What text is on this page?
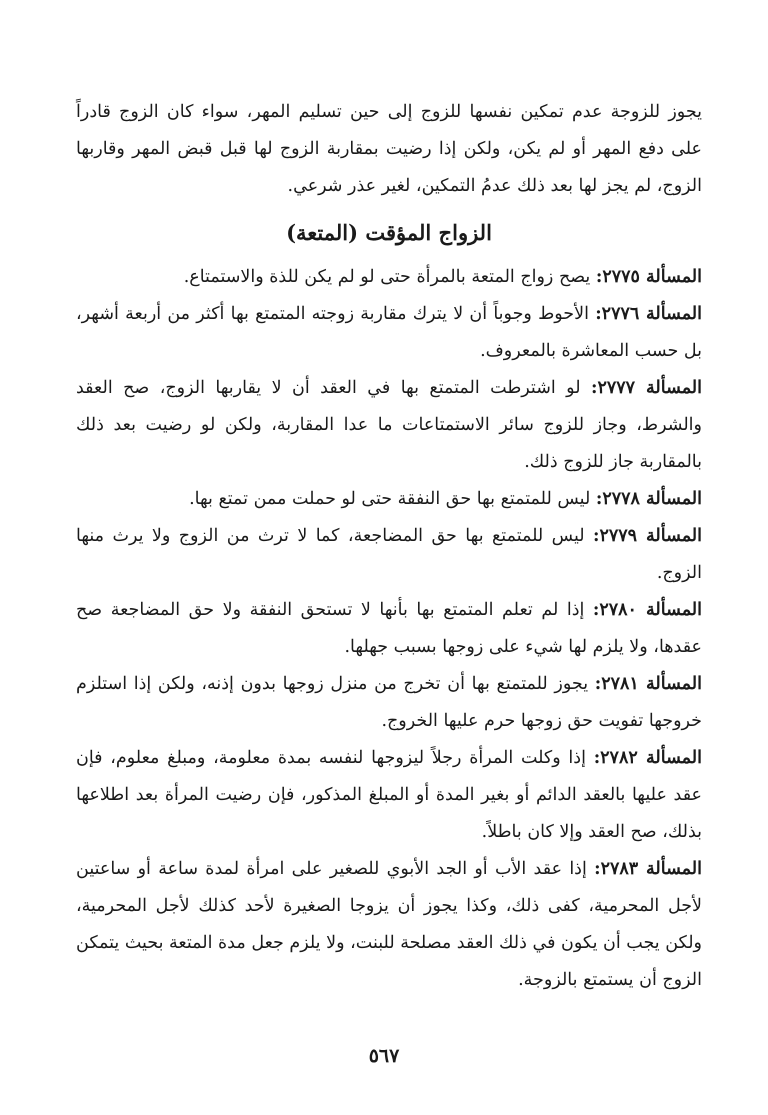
يجوز للزوجة عدم تمكين نفسها للزوج إلى حين تسليم المهر، سواء كان الزوج قادراً على دفع المهر أو لم يكن، ولكن إذا رضيت بمقاربة الزوج لها قبل قبض المهر وقاربها الزوج، لم يجز لها بعد ذلك عدمُ التمكين، لغير عذر شرعي.

الزواج المؤقت (المتعة)

المسألة ٢٧٧٥: يصح زواج المتعة بالمرأة حتى لو لم يكن للذة والاستمتاع.

المسألة ٢٧٧٦: الأحوط وجوباً أن لا يترك مقاربة زوجته المتمتع بها أكثر من أربعة أشهر، بل حسب المعاشرة بالمعروف.

المسألة ٢٧٧٧: لو اشترطت المتمتع بها في العقد أن لا يقاربها الزوج، صح العقد والشرط، وجاز للزوج سائر الاستمتاعات ما عدا المقاربة، ولكن لو رضيت بعد ذلك بالمقاربة جاز للزوج ذلك.

المسألة ٢٧٧٨: ليس للمتمتع بها حق النفقة حتى لو حملت ممن تمتع بها.

المسألة ٢٧٧٩: ليس للمتمتع بها حق المضاجعة، كما لا ترث من الزوج ولا يرث منها الزوج.

المسألة ٢٧٨٠: إذا لم تعلم المتمتع بها بأنها لا تستحق النفقة ولا حق المضاجعة صح عقدها، ولا يلزم لها شيء على زوجها بسبب جهلها.

المسألة ٢٧٨١: يجوز للمتمتع بها أن تخرج من منزل زوجها بدون إذنه، ولكن إذا استلزم خروجها تفويت حق زوجها حرم عليها الخروج.

المسألة ٢٧٨٢: إذا وكلت المرأة رجلاً ليزوجها لنفسه بمدة معلومة، ومبلغ معلوم، فإن عقد عليها بالعقد الدائم أو بغير المدة أو المبلغ المذكور، فإن رضيت المرأة بعد اطلاعها بذلك، صح العقد وإلا كان باطلاً.

المسألة ٢٧٨٣: إذا عقد الأب أو الجد الأبوي للصغير على امرأة لمدة ساعة أو ساعتين لأجل المحرمية، كفى ذلك، وكذا يجوز أن يزوجا الصغيرة لأحد كذلك لأجل المحرمية، ولكن يجب أن يكون في ذلك العقد مصلحة للبنت، ولا يلزم جعل مدة المتعة بحيث يتمكن الزوج أن يستمتع بالزوجة.

٥٦٧
